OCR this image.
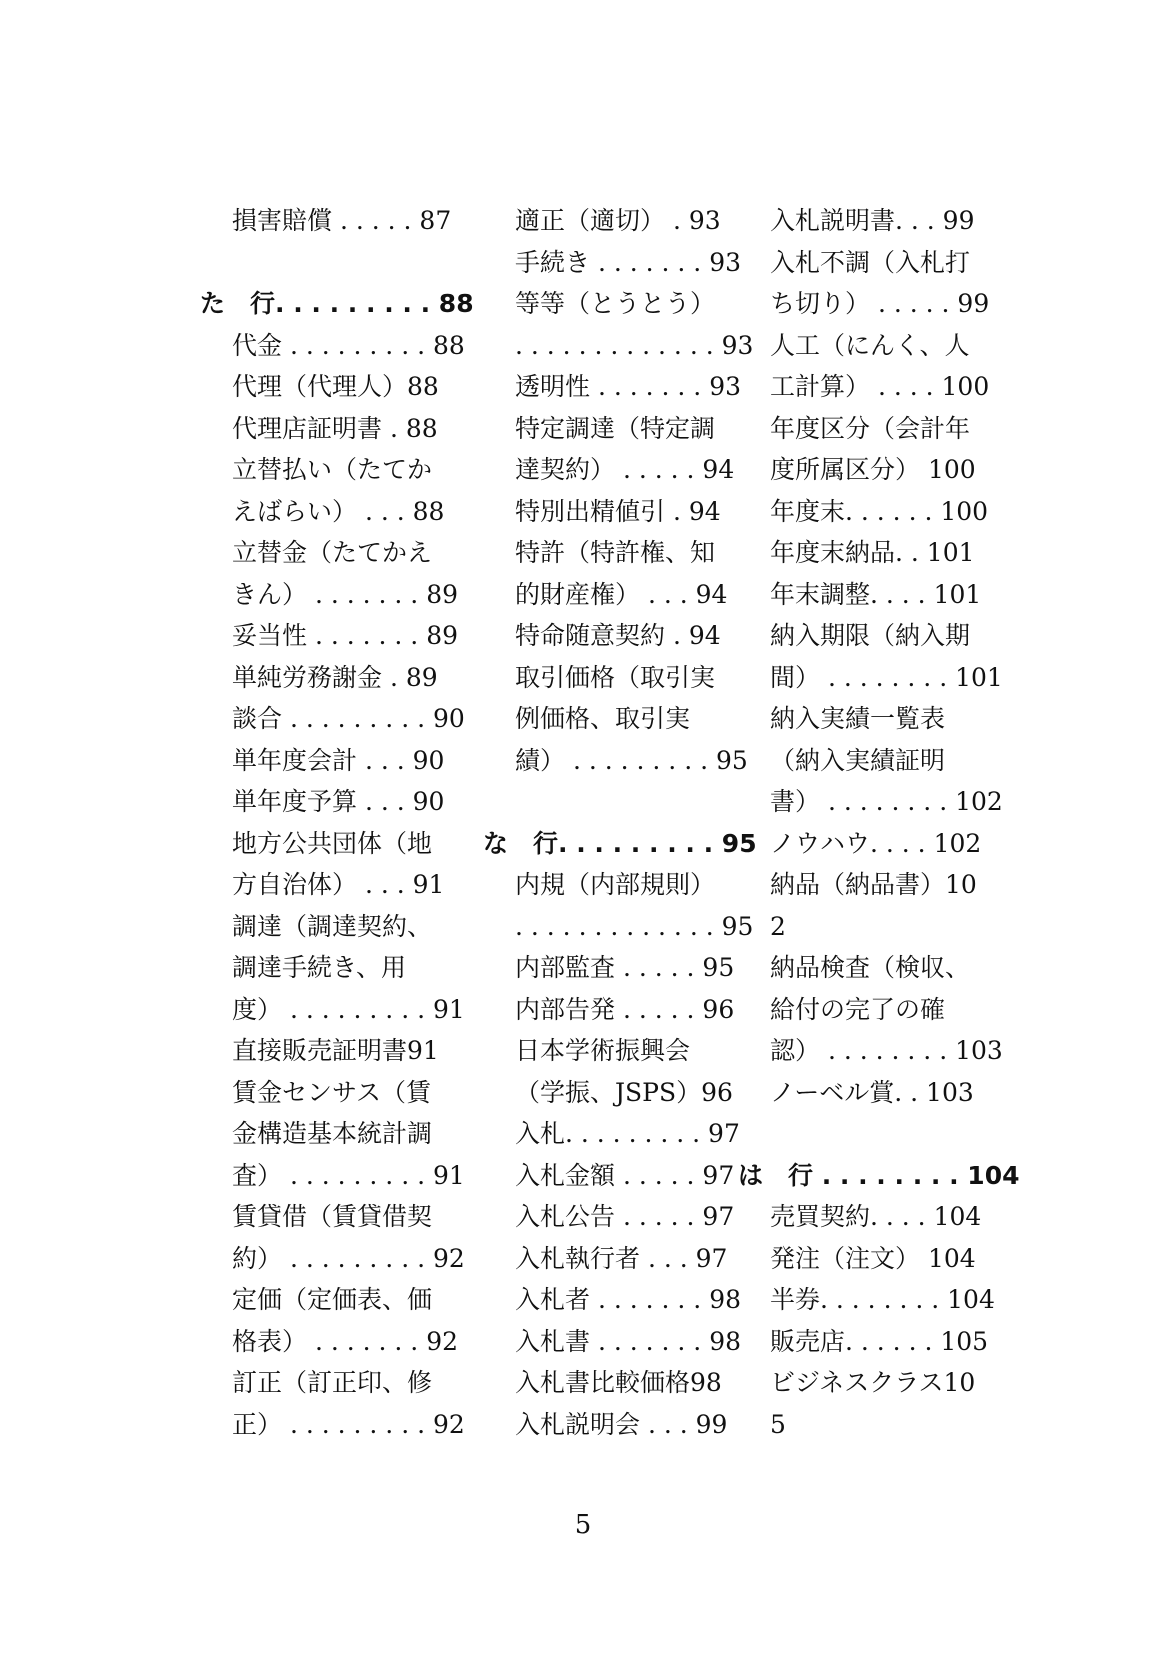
損害賠償 . . . . . 87
た　行. . . . . . . . . 88
代金 . . . . . . . . . 88
代理（代理人）88
代理店証明書 . 88
立替払い（たてか
えばらい） . . . 88
立替金（たてかえ
きん） . . . . . . . 89
妥当性 . . . . . . . 89
単純労務謝金 . 89
談合 . . . . . . . . . 90
単年度会計 . . . 90
単年度予算 . . . 90
地方公共団体（地
方自治体） . . . 91
調達（調達契約、
調達手続き、用
度） . . . . . . . . . 91
直接販売証明書91
賃金センサス（賃
金構造基本統計調
査） . . . . . . . . . 91
賃貸借（賃貸借契
約） . . . . . . . . . 92
定価（定価表、価
格表） . . . . . . . 92
訂正（訂正印、修
正） . . . . . . . . . 92
適正（適切） . 93
手続き . . . . . . . 93
等等（とうとう）
. . . . . . . . . . . . . 93
透明性 . . . . . . . 93
特定調達（特定調
達契約） . . . . . 94
特別出精値引 . 94
特許（特許権、知
的財産権） . . . 94
特命随意契約 . 94
取引価格（取引実
例価格、取引実
績） . . . . . . . . . 95
な　行. . . . . . . . . 95
内規（内部規則）
. . . . . . . . . . . . . 95
内部監査 . . . . . 95
内部告発 . . . . . 96
日本学術振興会
（学振、JSPS）96
入札. . . . . . . . . 97
入札金額 . . . . . 97
入札公告 . . . . . 97
入札執行者 . . . 97
入札者 . . . . . . . 98
入札書 . . . . . . . 98
入札書比較価格98
入札説明会 . . . 99
入札説明書. . . 99
入札不調（入札打
ち切り） . . . . . 99
人工（にんく、人
工計算） . . . . 100
年度区分（会計年
度所属区分） 100
年度末. . . . . . 100
年度末納品. . 101
年末調整. . . . 101
納入期限（納入期
間） . . . . . . . . 101
納入実績一覧表
（納入実績証明
書） . . . . . . . . 102
ノウハウ. . . . 102
納品（納品書）10
2
納品検査（検収、
給付の完了の確
認） . . . . . . . . 103
ノーベル賞. . 103
は　行 . . . . . . . . 104
売買契約. . . . 104
発注（注文） 104
半券. . . . . . . . 104
販売店. . . . . . 105
ビジネスクラス10
5
5
